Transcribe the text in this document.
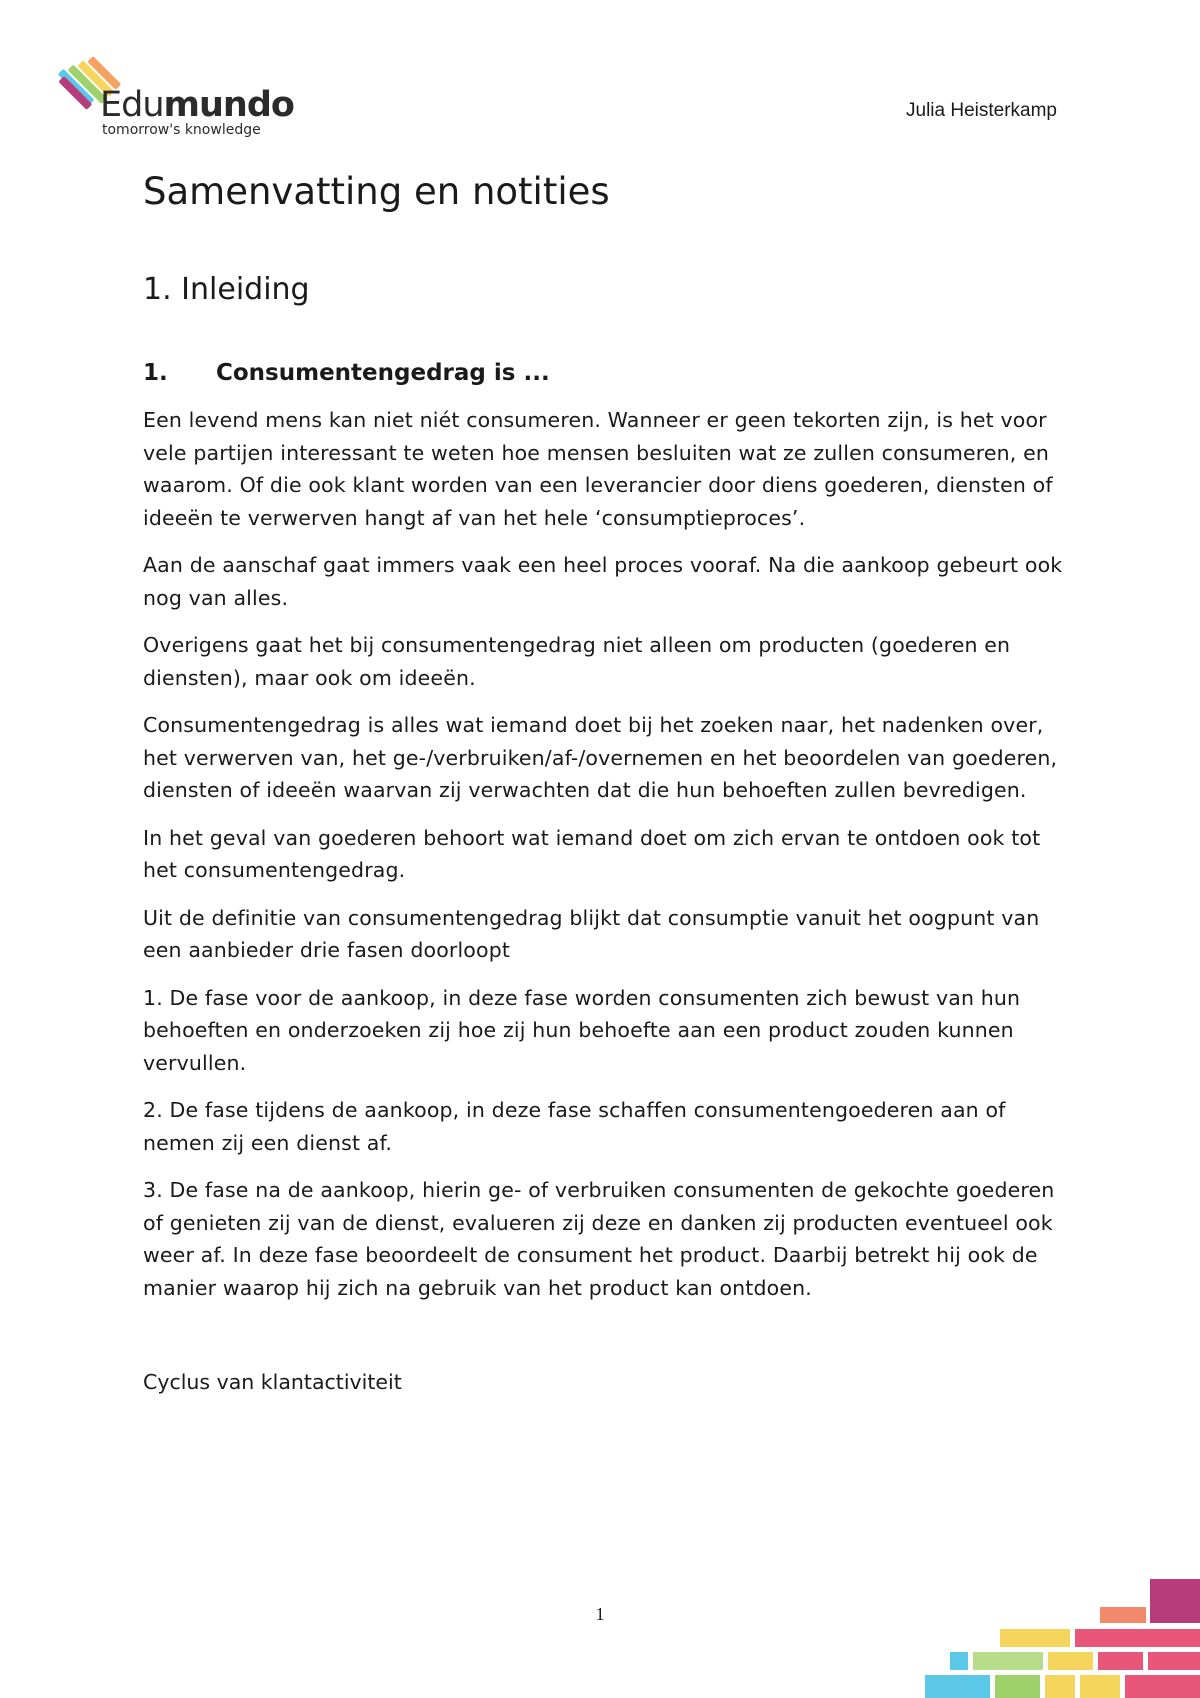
Edumundo
tomorrow's knowledge
Julia Heisterkamp
Samenvatting en notities
1. Inleiding
1.	Consumentengedrag is ...

Een levend mens kan niet niét consumeren. Wanneer er geen tekorten zijn, is het voor vele partijen interessant te weten hoe mensen besluiten wat ze zullen consumeren, en waarom. Of die ook klant worden van een leverancier door diens goederen, diensten of ideeën te verwerven hangt af van het hele ‘consumptieproces’.

Aan de aanschaf gaat immers vaak een heel proces vooraf. Na die aankoop gebeurt ook nog van alles.

Overigens gaat het bij consumentengedrag niet alleen om producten (goederen en diensten), maar ook om ideeën.

Consumentengedrag is alles wat iemand doet bij het zoeken naar, het nadenken over, het verwerven van, het ge-/verbruiken/af-/overnemen en het beoordelen van goederen, diensten of ideeën waarvan zij verwachten dat die hun behoeften zullen bevredigen.

In het geval van goederen behoort wat iemand doet om zich ervan te ontdoen ook tot het consumentengedrag.

Uit de definitie van consumentengedrag blijkt dat consumptie vanuit het oogpunt van een aanbieder drie fasen doorloopt

1. De fase voor de aankoop, in deze fase worden consumenten zich bewust van hun behoeften en onderzoeken zij hoe zij hun behoefte aan een product zouden kunnen vervullen.

2. De fase tijdens de aankoop, in deze fase schaffen consumentengoederen aan of nemen zij een dienst af.

3. De fase na de aankoop, hierin ge- of verbruiken consumenten de gekochte goederen of genieten zij van de dienst, evalueren zij deze en danken zij producten eventueel ook weer af. In deze fase beoordeelt de consument het product. Daarbij betrekt hij ook de manier waarop hij zich na gebruik van het product kan ontdoen.

Cyclus van klantactiviteit
1
